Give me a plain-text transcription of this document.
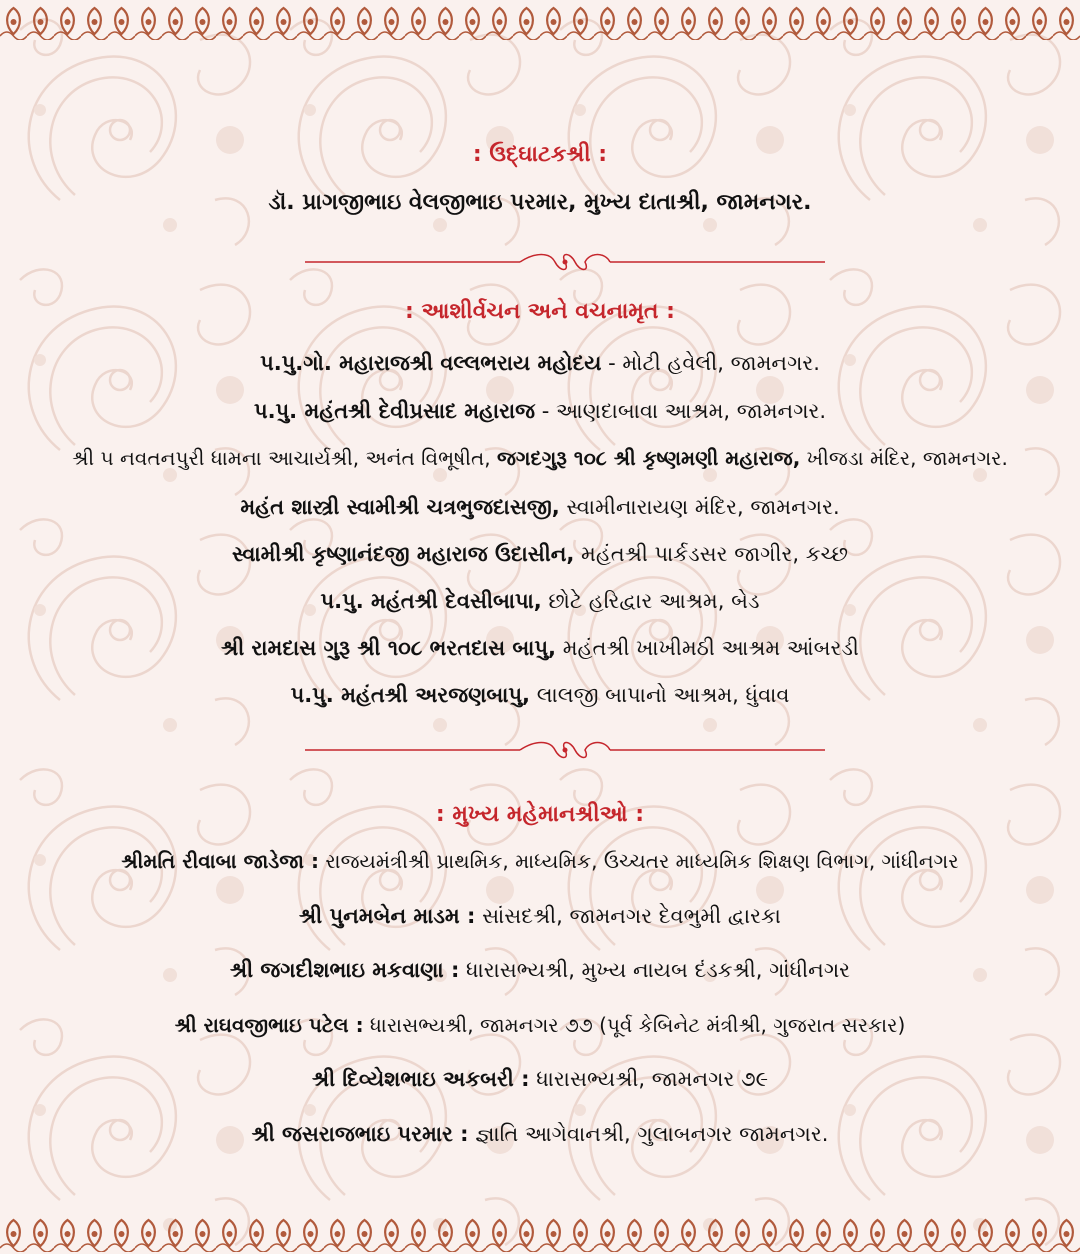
: ઉદ્ઘાટકશ્રી :
ડૉ. પ્રાગજીભાઇ વેલજીભાઇ પરમાર, મુખ્ય દાતાશ્રી, જામનગર.
: આશીર્વચન અને વચનામૃત :
પ.પુ.ગો. મહારાજશ્રી વલ્લભરાય મહોદય - મોટી હવેલી, જામનગર.
પ.પુ. મહંતશ્રી દેવીપ્રસાદ મહારાજ - આણદાબાવા આશ્રમ, જામનગર.
શ્રી ૫ નવતનપુરી ધામના આચાર્યશ્રી, અનંત વિભૂષીત, જગદગુરૂ ૧૦૮ શ્રી કૃષ્ણમણી મહારાજ, ખીજડા મંદિર, જામનગર.
મહંત શાસ્ત્રી સ્વામીશ્રી ચત્રભુજદાસજી, સ્વામીનારાયણ મંદિર, જામનગર.
સ્વામીશ્રી કૃષ્ણાનંદજી મહારાજ ઉદાસીન, મહંતશ્રી પાર્કડસર જાગીર, કચ્છ
પ.પુ. મહંતશ્રી દેવસીબાપા, છોટે હરિદ્વાર આશ્રમ, બેડ
શ્રી રામદાસ ગુરૂ શ્રી ૧૦૮ ભરતદાસ બાપુ, મહંતશ્રી ખાખીમઠી આશ્રમ આંબરડી
પ.પુ. મહંતશ્રી અરજણબાપુ, લાલજી બાપાનો આશ્રમ, ધુંવાવ
: મુખ્ય મહેમાનશ્રીઓ :
શ્રીમતિ રીવાબા જાડેજા : રાજયમંત્રીશ્રી પ્રાથમિક, માધ્યમિક, ઉચ્ચતર માધ્યમિક શિક્ષણ વિભાગ, ગાંધીનગર
શ્રી પુનમબેન માડમ : સાંસદશ્રી, જામનગર દેવભુમી દ્વારકા
શ્રી જગદીશભાઇ મકવાણા : ધારાસભ્યશ્રી, મુખ્ય નાયબ દંડકશ્રી, ગાંધીનગર
શ્રી રાઘવજીભાઇ પટેલ : ધારાસભ્યશ્રી, જામનગર ૭૭ (પૂર્વ કેબિનેટ મંત્રીશ્રી, ગુજરાત સરકાર)
શ્રી દિવ્યેશભાઇ અકબરી : ધારાસભ્યશ્રી, જામનગર ૭૯
શ્રી જસરાજભાઇ પરમાર : જ્ઞાતિ આગેવાનશ્રી, ગુલાબનગર જામનગર.
